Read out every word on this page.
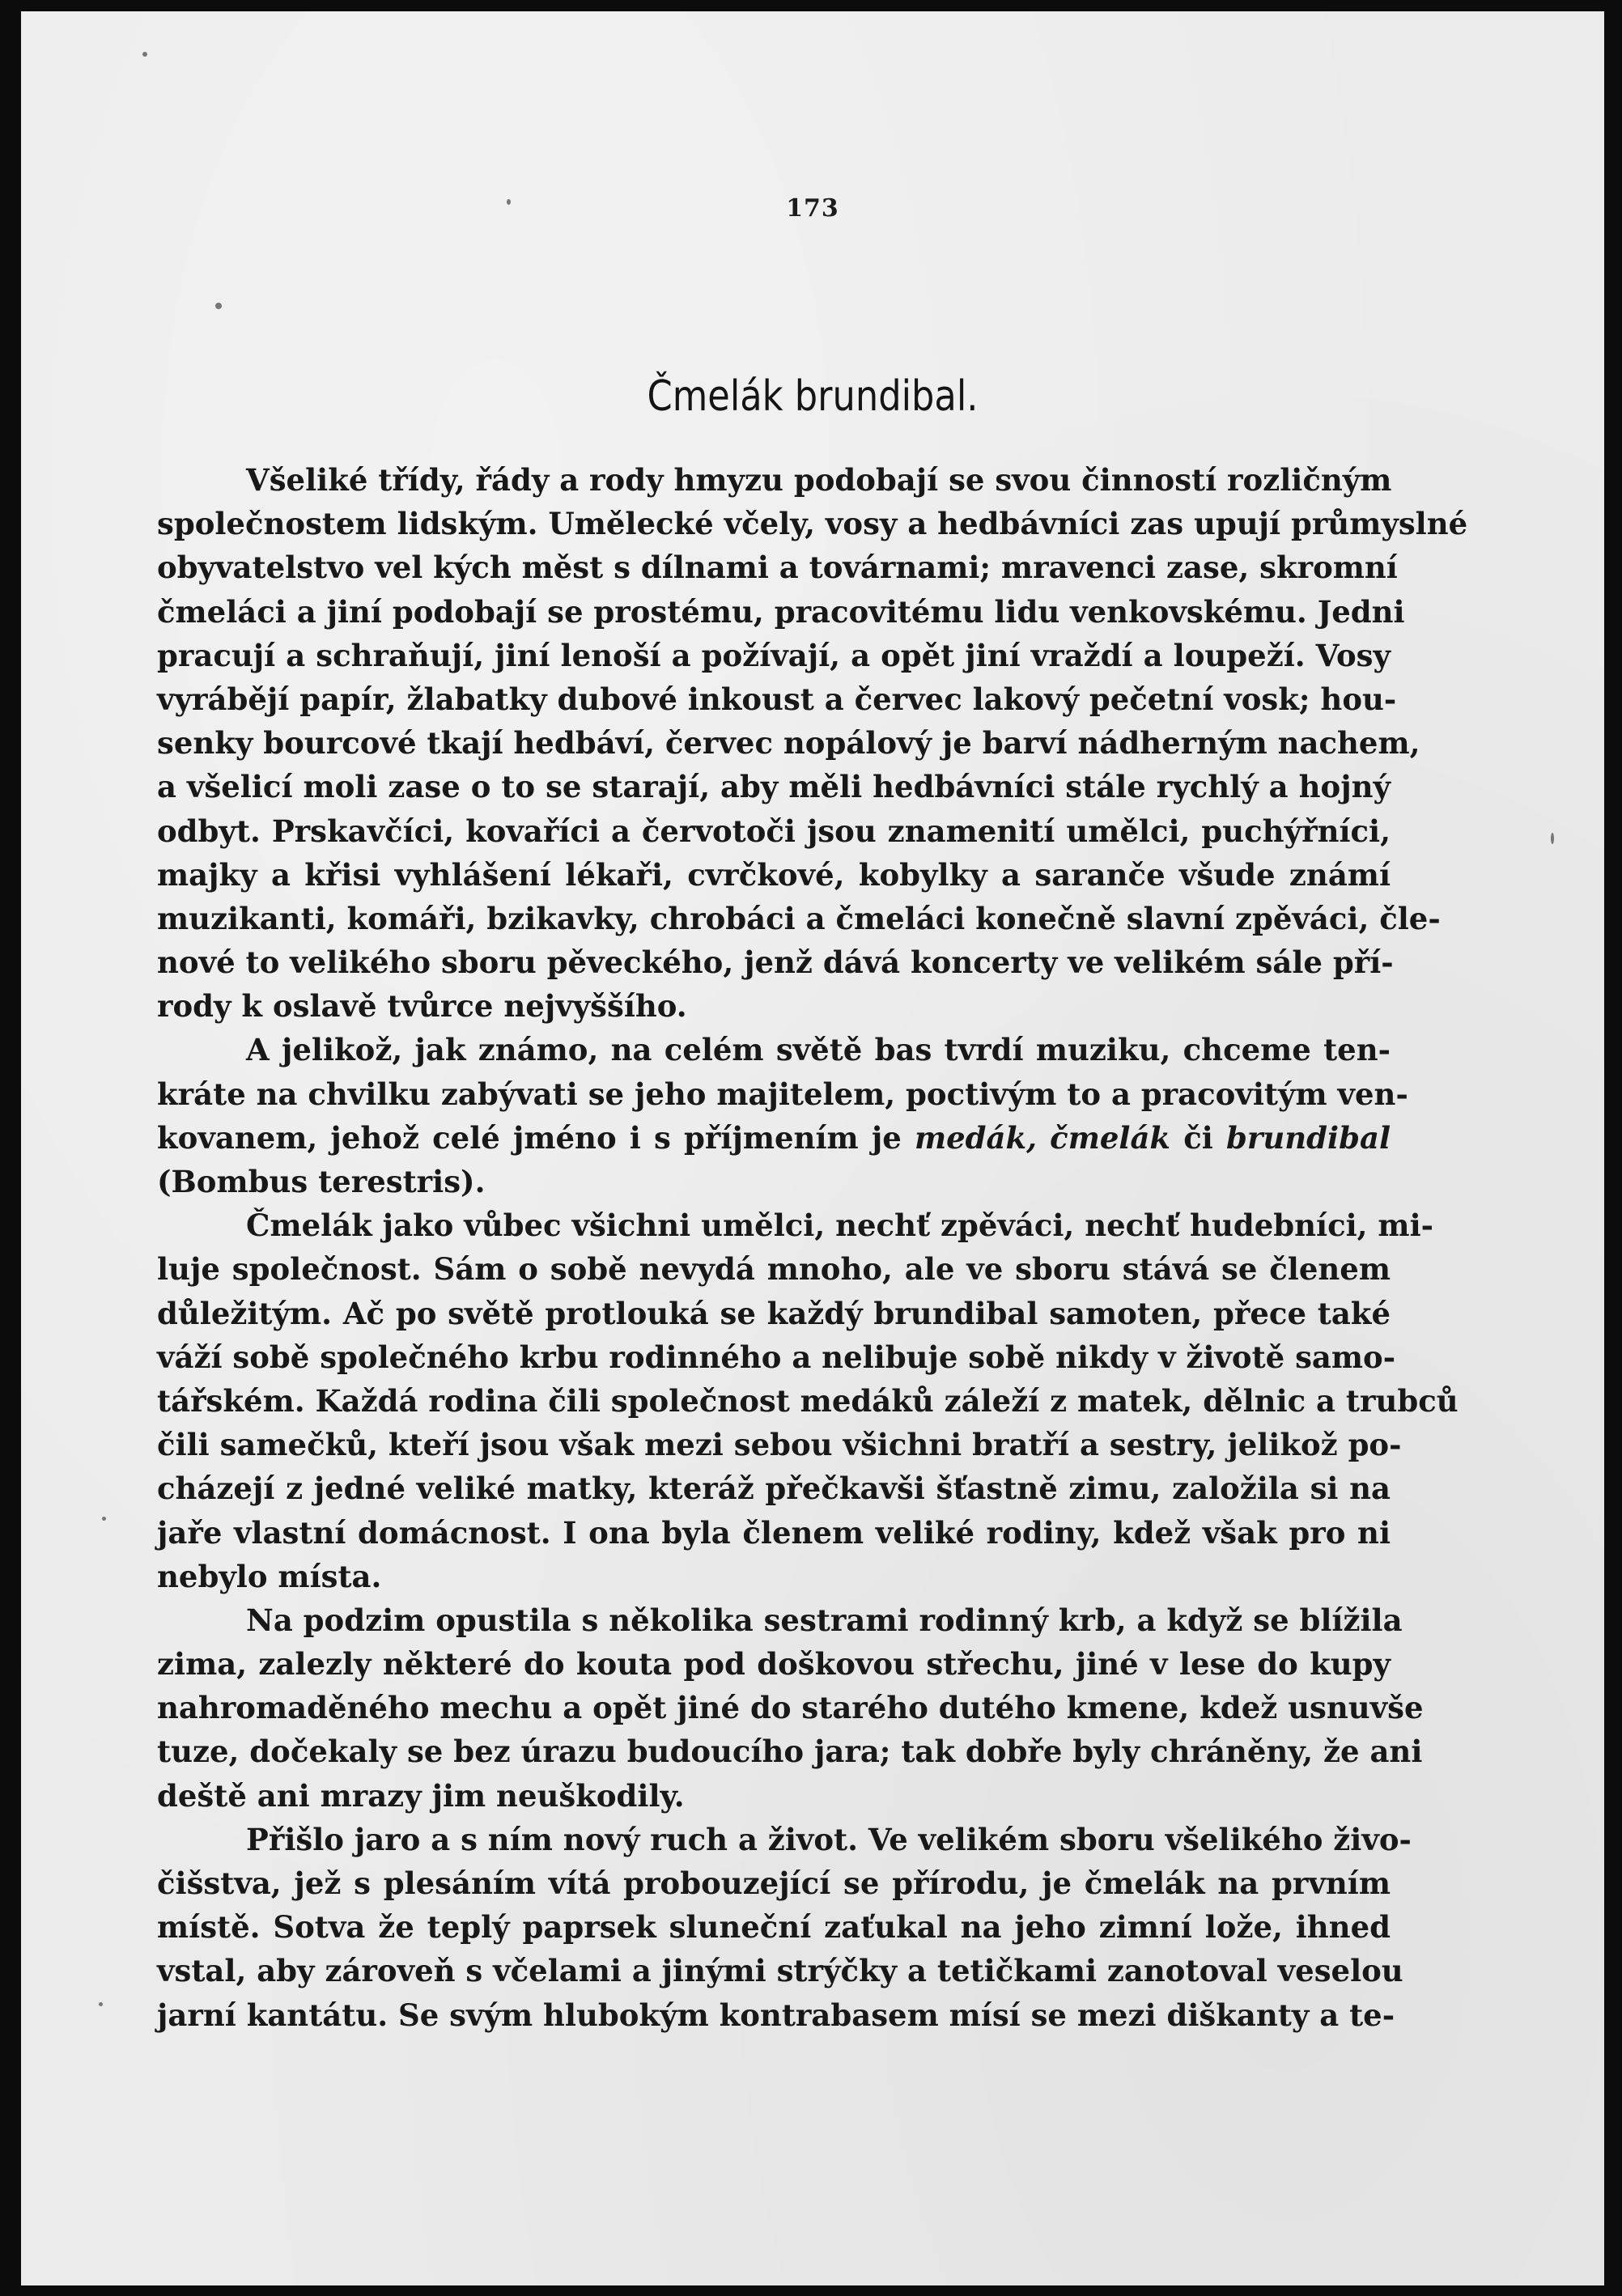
173
Čmelák brundibal.
Všeliké třídy, řády a rody hmyzu podobají se svou činností rozličným
společnostem lidským. Umělecké včely, vosy a hedbávníci zas upují průmyslné
obyvatelstvo vel kých měst s dílnami a továrnami; mravenci zase, skromní
čmeláci a jiní podobají se prostému, pracovitému lidu venkovskému. Jedni
pracují a schraňují, jiní lenoší a požívají, a opět jiní vraždí a loupeží. Vosy
vyrábějí papír, žlabatky dubové inkoust a červec lakový pečetní vosk; hou-
senky bourcové tkají hedbáví, červec nopálový je barví nádherným nachem,
a všelicí moli zase o to se starají, aby měli hedbávníci stále rychlý a hojný
odbyt. Prskavčíci, kovaříci a červotoči jsou znamenití umělci, puchýřníci,
majky a křisi vyhlášení lékaři, cvrčkové, kobylky a saranče všude známí
muzikanti, komáři, bzikavky, chrobáci a čmeláci konečně slavní zpěváci, čle-
nové to velikého sboru pěveckého, jenž dává koncerty ve velikém sále pří-
rody k oslavě tvůrce nejvyššího.
A jelikož, jak známo, na celém světě bas tvrdí muziku, chceme ten-
kráte na chvilku zabývati se jeho majitelem, poctivým to a pracovitým ven-
kovanem, jehož celé jméno i s příjmením je medák, čmelák či brundibal
(Bombus terestris).
Čmelák jako vůbec všichni umělci, nechť zpěváci, nechť hudebníci, mi-
luje společnost. Sám o sobě nevydá mnoho, ale ve sboru stává se členem
důležitým. Ač po světě protlouká se každý brundibal samoten, přece také
váží sobě společného krbu rodinného a nelibuje sobě nikdy v životě samo-
tářském. Každá rodina čili společnost medáků záleží z matek, dělnic a trubců
čili samečků, kteří jsou však mezi sebou všichni bratří a sestry, jelikož po-
cházejí z jedné veliké matky, kteráž přečkavši šťastně zimu, založila si na
jaře vlastní domácnost. I ona byla členem veliké rodiny, kdež však pro ni
nebylo místa.
Na podzim opustila s několika sestrami rodinný krb, a když se blížila
zima, zalezly některé do kouta pod doškovou střechu, jiné v lese do kupy
nahromaděného mechu a opět jiné do starého dutého kmene, kdež usnuvše
tuze, dočekaly se bez úrazu budoucího jara; tak dobře byly chráněny, že ani
deště ani mrazy jim neuškodily.
Přišlo jaro a s ním nový ruch a život. Ve velikém sboru všelikého živo-
čišstva, jež s plesáním vítá probouzející se přírodu, je čmelák na prvním
místě. Sotva že teplý paprsek sluneční zaťukal na jeho zimní lože, ihned
vstal, aby zároveň s včelami a jinými strýčky a tetičkami zanotoval veselou
jarní kantátu. Se svým hlubokým kontrabasem mísí se mezi diškanty a te-
